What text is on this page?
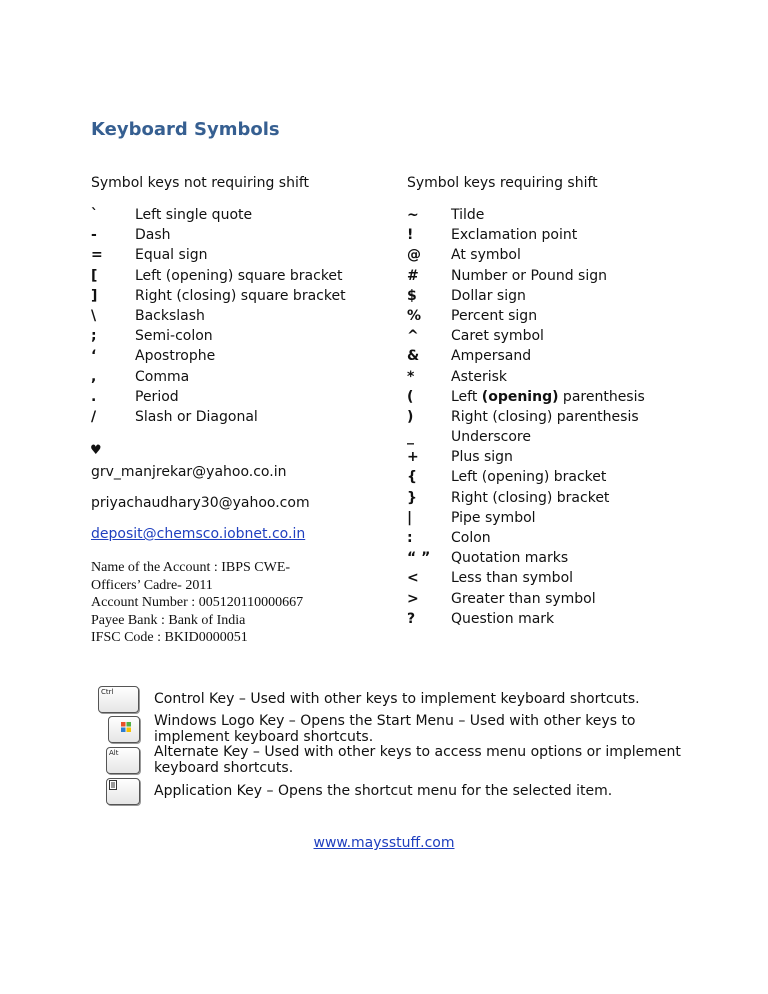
Keyboard Symbols
Symbol keys not requiring shift	Symbol keys requiring shift
`	Left single quote
-	Dash
= Equal sign
[	Left (opening) square bracket
]	Right (closing) square bracket
\	Backslash
;	Semi-colon
‘	Apostrophe
,	Comma
.	Period
/	Slash or Diagonal
~ Tilde
!	Exclamation point
@ At symbol
# Number or Pound sign
$ Dollar sign
% Percent sign
^ Caret symbol
& Ampersand
*	Asterisk
(	Left (opening) parenthesis
)	Right (closing) parenthesis
_	Underscore
+ Plus sign
{ Left (opening) bracket
} Right (closing) bracket
|	Pipe symbol
:	Colon
“ ” Quotation marks
< Less than symbol
> Greater than symbol
?	Question mark
♥
grv_manjrekar@yahoo.co.in
priyachaudhary30@yahoo.com
deposit@chemsco.iobnet.co.in
Name of the Account : IBPS CWE-Officers’ Cadre- 2011
Account Number : 005120110000667
Payee Bank : Bank of India
IFSC Code : BKID0000051
Ctrl	Control Key – Used with other keys to implement keyboard shortcuts.
Windows Logo Key – Opens the Start Menu – Used with other keys to implement keyboard shortcuts.
Alt	Alternate Key – Used with other keys to access menu options or implement keyboard shortcuts.
Application Key – Opens the shortcut menu for the selected item.
www.maysstuff.com
